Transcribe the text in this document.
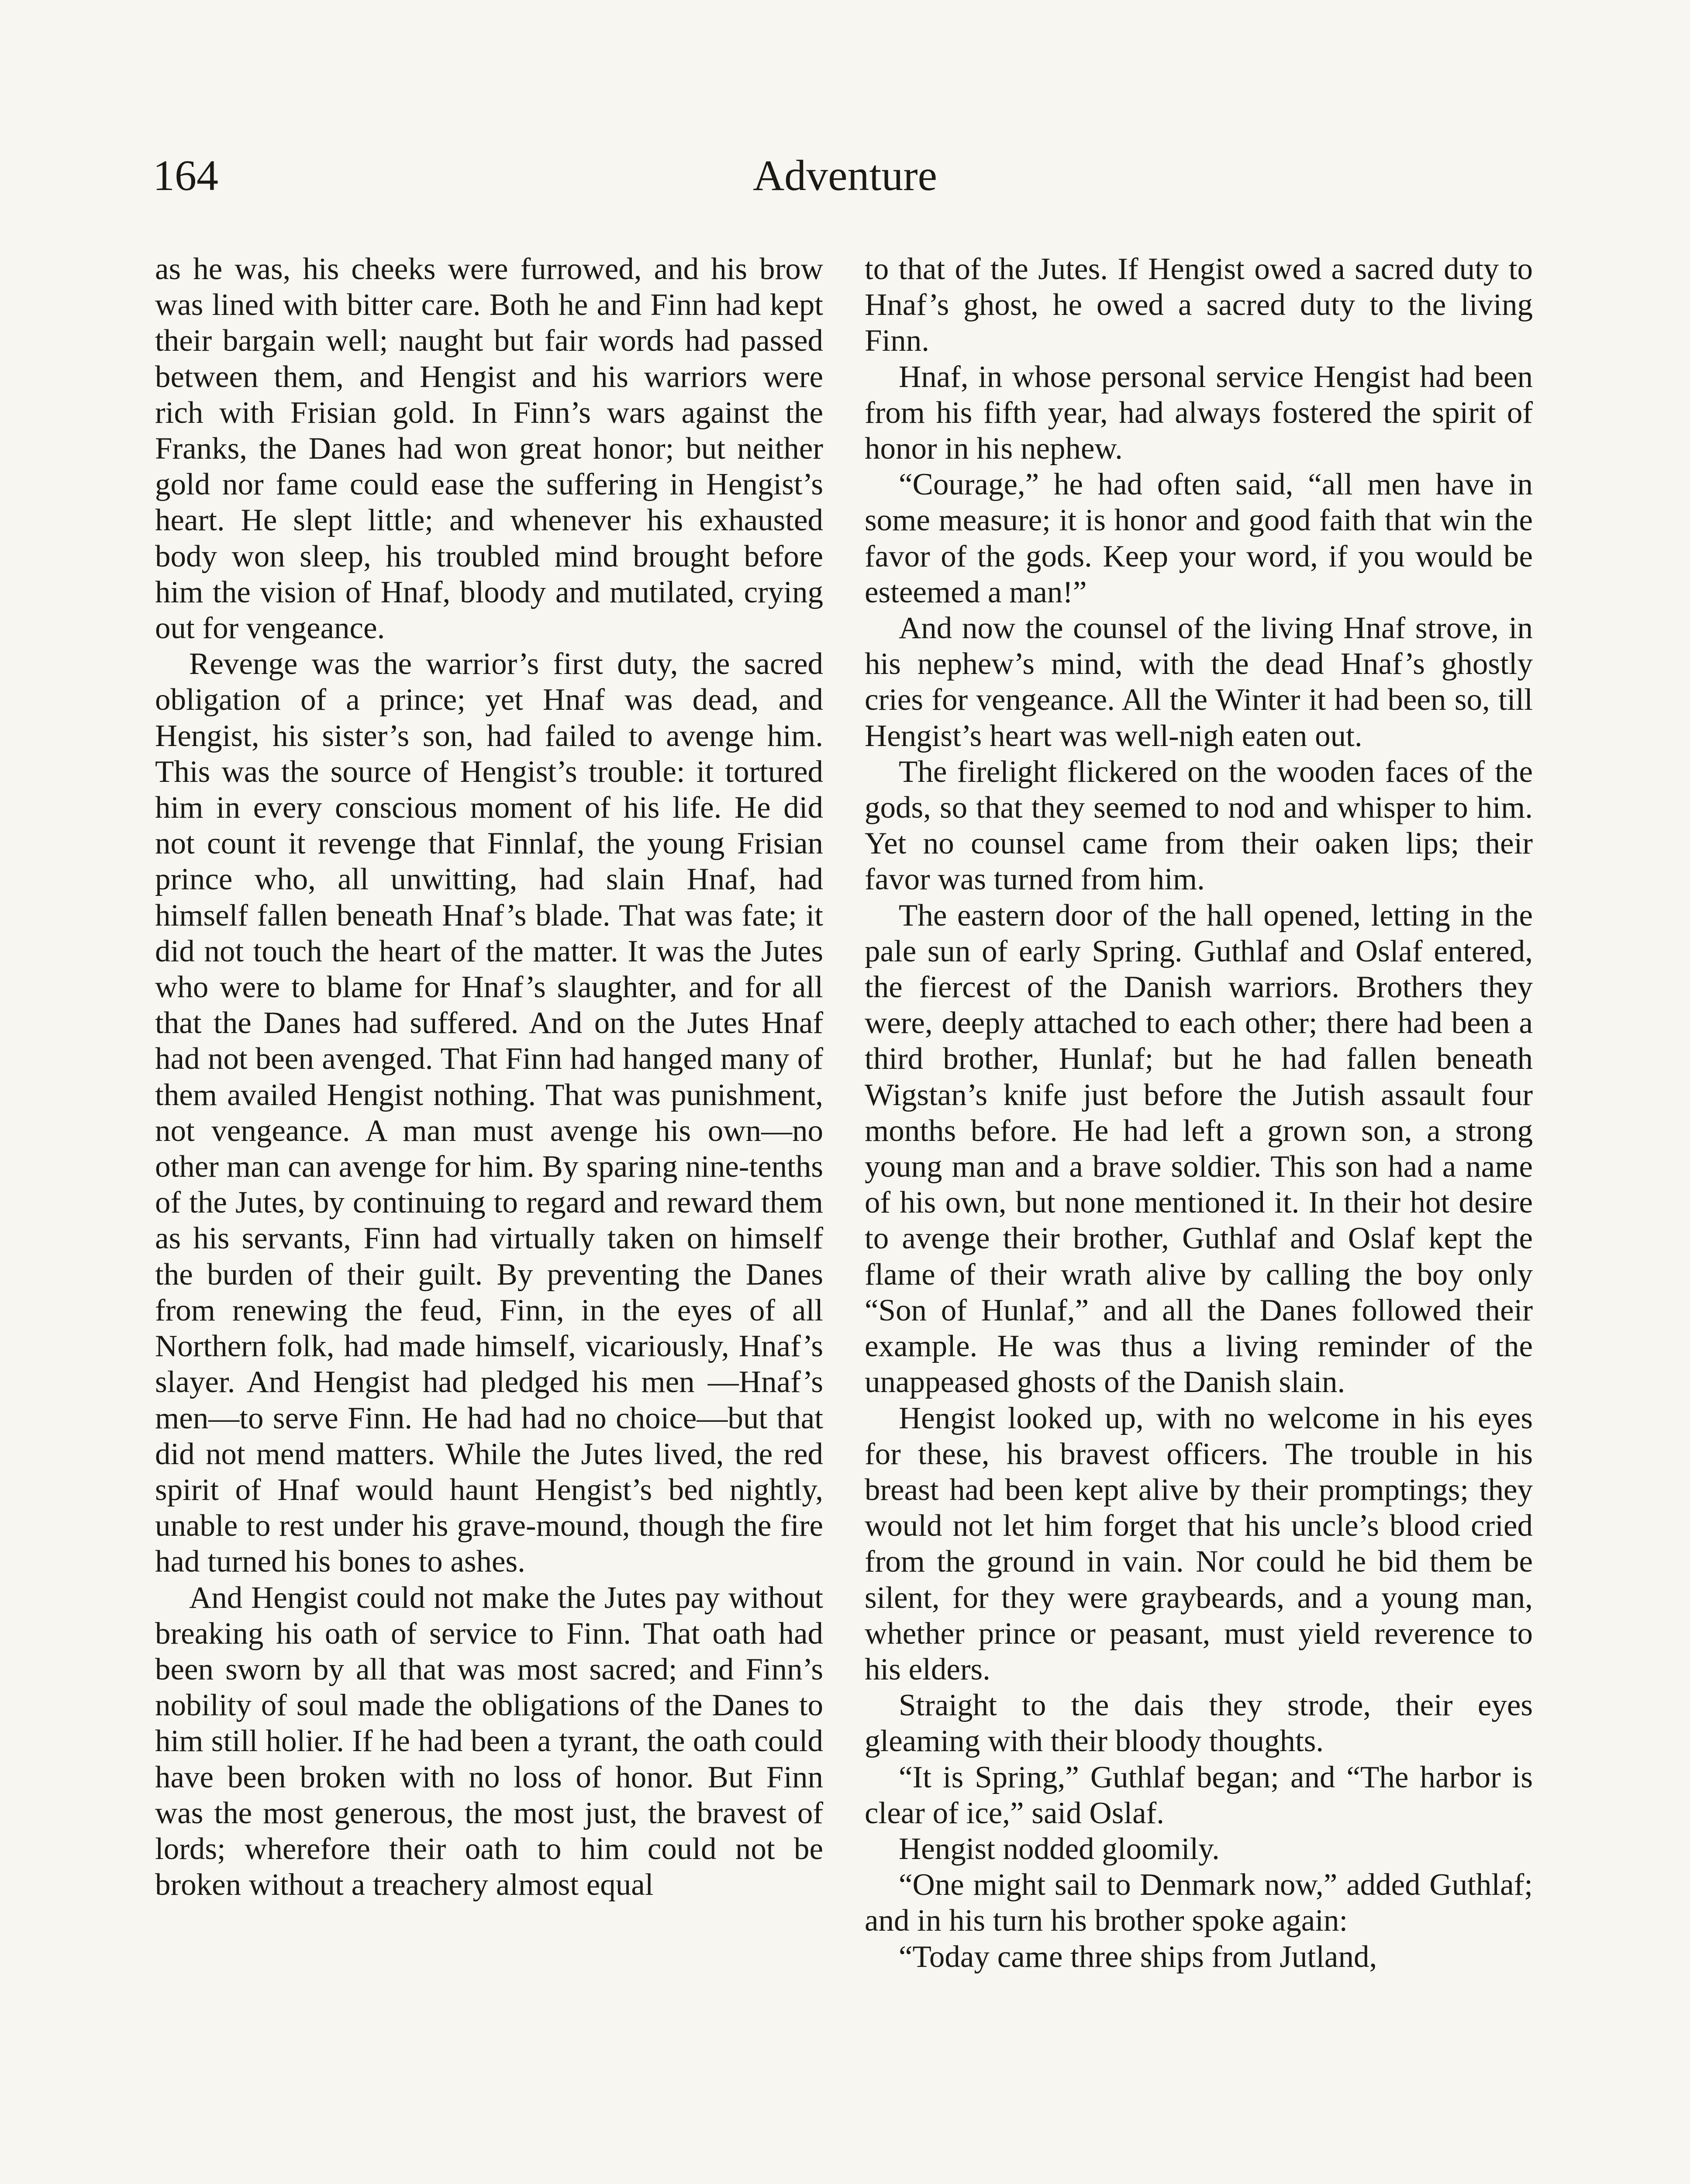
164	Adventure

as he was, his cheeks were furrowed, and his brow was lined with bitter care. Both he and Finn had kept their bargain well; naught but fair words had passed between them, and Hengist and his warriors were rich with Frisian gold. In Finn’s wars against the Franks, the Danes had won great honor; but neither gold nor fame could ease the suffering in Hengist’s heart. He slept little; and whenever his exhausted body won sleep, his troubled mind brought before him the vision of Hnaf, bloody and mutilated, crying out for vengeance.

Revenge was the warrior’s first duty, the sacred obligation of a prince; yet Hnaf was dead, and Hengist, his sister’s son, had failed to avenge him. This was the source of Hengist’s trouble: it tortured him in every conscious moment of his life. He did not count it revenge that Finnlaf, the young Frisian prince who, all unwitting, had slain Hnaf, had himself fallen beneath Hnaf’s blade. That was fate; it did not touch the heart of the matter. It was the Jutes who were to blame for Hnaf’s slaughter, and for all that the Danes had suffered. And on the Jutes Hnaf had not been avenged. That Finn had hanged many of them availed Hengist nothing. That was punishment, not vengeance. A man must avenge his own—no other man can avenge for him. By sparing nine-tenths of the Jutes, by continuing to regard and reward them as his servants, Finn had virtually taken on himself the burden of their guilt. By preventing the Danes from renewing the feud, Finn, in the eyes of all Northern folk, had made himself, vicariously, Hnaf’s slayer. And Hengist had pledged his men —Hnaf’s men—to serve Finn. He had had no choice—but that did not mend matters. While the Jutes lived, the red spirit of Hnaf would haunt Hengist’s bed nightly, unable to rest under his grave-mound, though the fire had turned his bones to ashes.

And Hengist could not make the Jutes pay without breaking his oath of service to Finn. That oath had been sworn by all that was most sacred; and Finn’s nobility of soul made the obligations of the Danes to him still holier. If he had been a tyrant, the oath could have been broken with no loss of honor. But Finn was the most generous, the most just, the bravest of lords; wherefore their oath to him could not be broken without a treachery almost equal

to that of the Jutes. If Hengist owed a sacred duty to Hnaf’s ghost, he owed a sacred duty to the living Finn.

Hnaf, in whose personal service Hengist had been from his fifth year, had always fostered the spirit of honor in his nephew.

“Courage,” he had often said, “all men have in some measure; it is honor and good faith that win the favor of the gods. Keep your word, if you would be esteemed a man!”

And now the counsel of the living Hnaf strove, in his nephew’s mind, with the dead Hnaf’s ghostly cries for vengeance. All the Winter it had been so, till Hengist’s heart was well-nigh eaten out.

The firelight flickered on the wooden faces of the gods, so that they seemed to nod and whisper to him. Yet no counsel came from their oaken lips; their favor was turned from him.

The eastern door of the hall opened, letting in the pale sun of early Spring. Guthlaf and Oslaf entered, the fiercest of the Danish warriors. Brothers they were, deeply attached to each other; there had been a third brother, Hunlaf; but he had fallen beneath Wigstan’s knife just before the Jutish assault four months before. He had left a grown son, a strong young man and a brave soldier. This son had a name of his own, but none mentioned it. In their hot desire to avenge their brother, Guthlaf and Oslaf kept the flame of their wrath alive by calling the boy only “Son of Hunlaf,” and all the Danes followed their example. He was thus a living reminder of the unappeased ghosts of the Danish slain.

Hengist looked up, with no welcome in his eyes for these, his bravest officers. The trouble in his breast had been kept alive by their promptings; they would not let him forget that his uncle’s blood cried from the ground in vain. Nor could he bid them be silent, for they were graybeards, and a young man, whether prince or peasant, must yield reverence to his elders.

Straight to the dais they strode, their eyes gleaming with their bloody thoughts.

“It is Spring,” Guthlaf began; and “The harbor is clear of ice,” said Oslaf.

Hengist nodded gloomily.

“One might sail to Denmark now,” added Guthlaf; and in his turn his brother spoke again:

“Today came three ships from Jutland,
